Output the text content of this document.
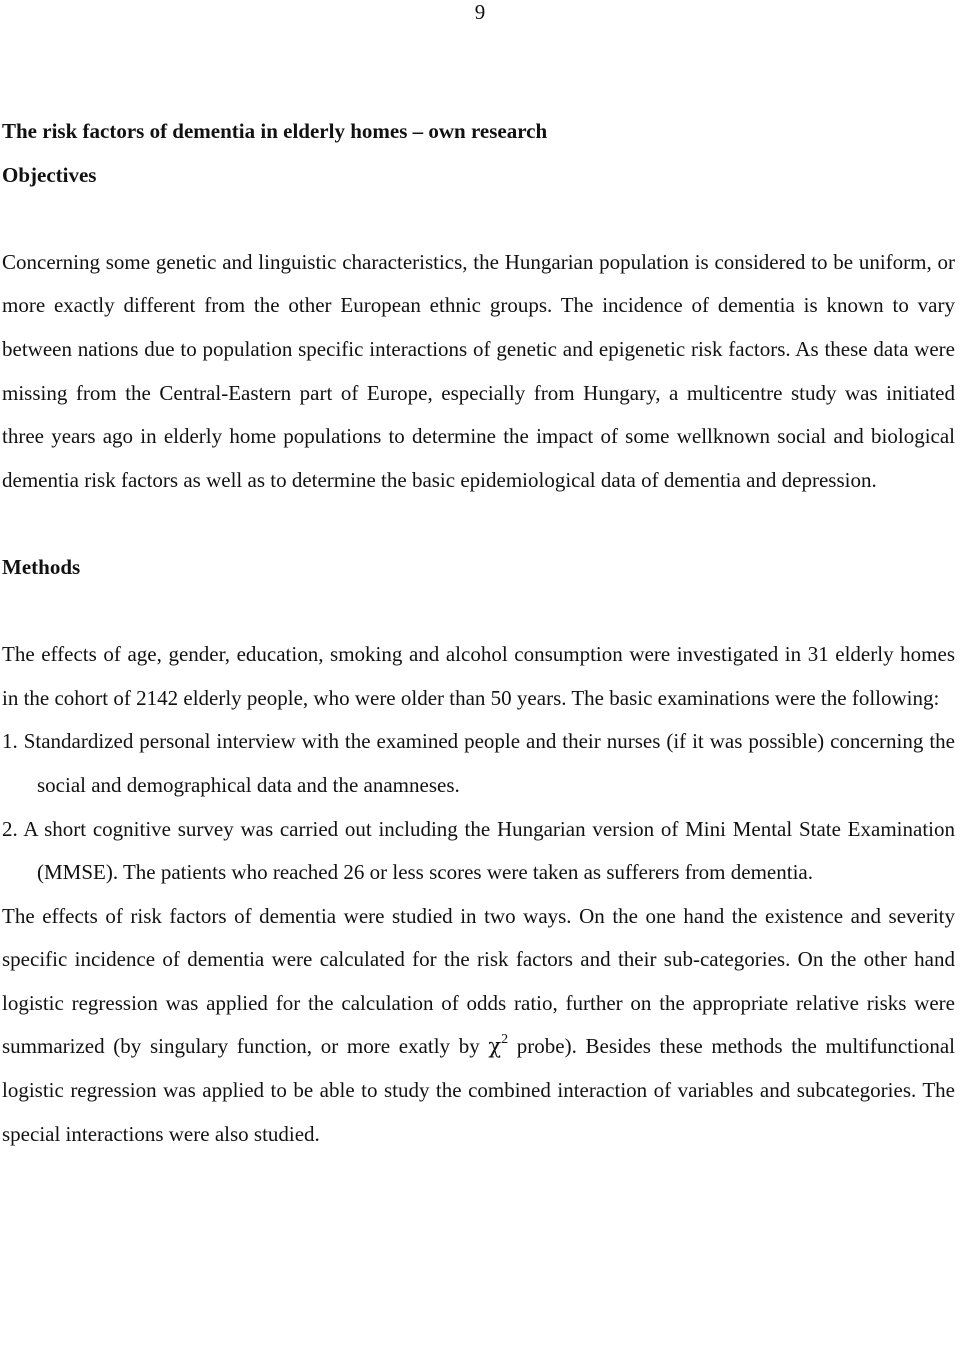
9

The risk factors of dementia in elderly homes – own research

Objectives

Concerning some genetic and linguistic characteristics, the Hungarian population is considered to be uniform, or more exactly different from the other European ethnic groups. The incidence of dementia is known to vary between nations due to population specific interactions of genetic and epigenetic risk factors. As these data were missing from the Central-Eastern part of Europe, especially from Hungary, a multicentre study was initiated three years ago in elderly home populations to determine the impact of some wellknown social and biological dementia risk factors as well as to determine the basic epidemiological data of dementia and depression.

Methods

The effects of age, gender, education, smoking and alcohol consumption were investigated in 31 elderly homes in the cohort of 2142 elderly people, who were older than 50 years. The basic examinations were the following:

1. Standardized personal interview with the examined people and their nurses (if it was possible) concerning the social and demographical data and the anamneses.

2. A short cognitive survey was carried out including the Hungarian version of Mini Mental State Examination (MMSE). The patients who reached 26 or less scores were taken as sufferers from dementia.

The effects of risk factors of dementia were studied in two ways. On the one hand the existence and severity specific incidence of dementia were calculated for the risk factors and their sub-categories. On the other hand logistic regression was applied for the calculation of odds ratio, further on the appropriate relative risks were summarized (by singulary function, or more exatly by $\chi^2$ probe). Besides these methods the multifunctional logistic regression was applied to be able to study the combined interaction of variables and subcategories. The special interactions were also studied.
